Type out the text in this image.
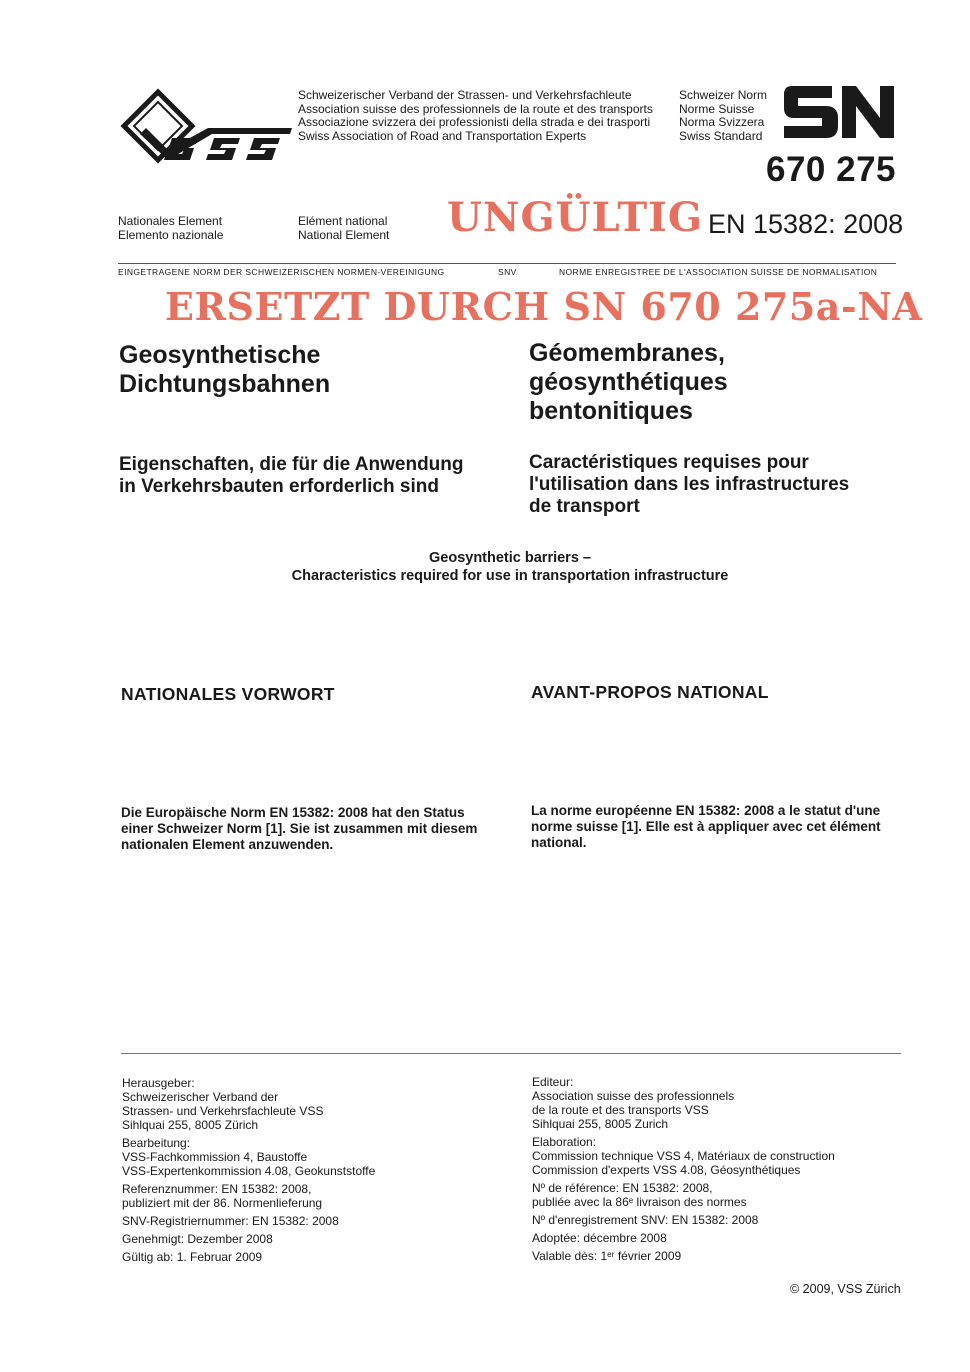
Schweizerischer Verband der Strassen- und Verkehrsfachleute
Association suisse des professionnels de la route et des transports
Associazione svizzera dei professionisti della strada e dei trasporti
Swiss Association of Road and Transportation Experts
Schweizer Norm
Norme Suisse
Norma Svizzera
Swiss Standard
670 275
Nationales Element
Elemento nazionale
Elément national
National Element UNGÜLTIG EN 15382: 2008
EINGETRAGENE NORM DER SCHWEIZERISCHEN NORMEN-VEREINIGUNG	SNV	NORME ENREGISTREE DE L'ASSOCIATION SUISSE DE NORMALISATION
ERSETZT DURCH SN 670 275a-NA
Geosynthetische
Dichtungsbahnen
Géomembranes,
géosynthétiques
bentonitiques
Eigenschaften, die für die Anwendung
in Verkehrsbauten erforderlich sind
Caractéristiques requises pour
l'utilisation dans les infrastructures
de transport
Geosynthetic barriers –
Characteristics required for use in transportation infrastructure
NATIONALES VORWORT	AVANT-PROPOS NATIONAL
Die Europäische Norm EN 15382: 2008 hat den Status
einer Schweizer Norm [1]. Sie ist zusammen mit diesem
nationalen Element anzuwenden.
La norme européenne EN 15382: 2008 a le statut d'une
norme suisse [1]. Elle est à appliquer avec cet élément
national.

Herausgeber:
Schweizerischer Verband der
Strassen- und Verkehrsfachleute VSS
Sihlquai 255, 8005 Zürich

Bearbeitung:
VSS-Fachkommission 4, Baustoffe
VSS-Expertenkommission 4.08, Geokunststoffe

Referenznummer: EN 15382: 2008,
publiziert mit der 86. Normenlieferung

SNV-Registriernummer: EN 15382: 2008

Genehmigt: Dezember 2008

Gültig ab: 1. Februar 2009

Editeur:
Association suisse des professionnels
de la route et des transports VSS
Sihlquai 255, 8005 Zurich

Elaboration:
Commission technique VSS 4, Matériaux de construction
Commission d'experts VSS 4.08, Géosynthétiques

Nº de référence: EN 15382: 2008,
publiée avec la 86ᵉ livraison des normes

Nº d'enregistrement SNV: EN 15382: 2008

Adoptée: décembre 2008

Valable dès: 1ᵉʳ février 2009

© 2009, VSS Zürich
